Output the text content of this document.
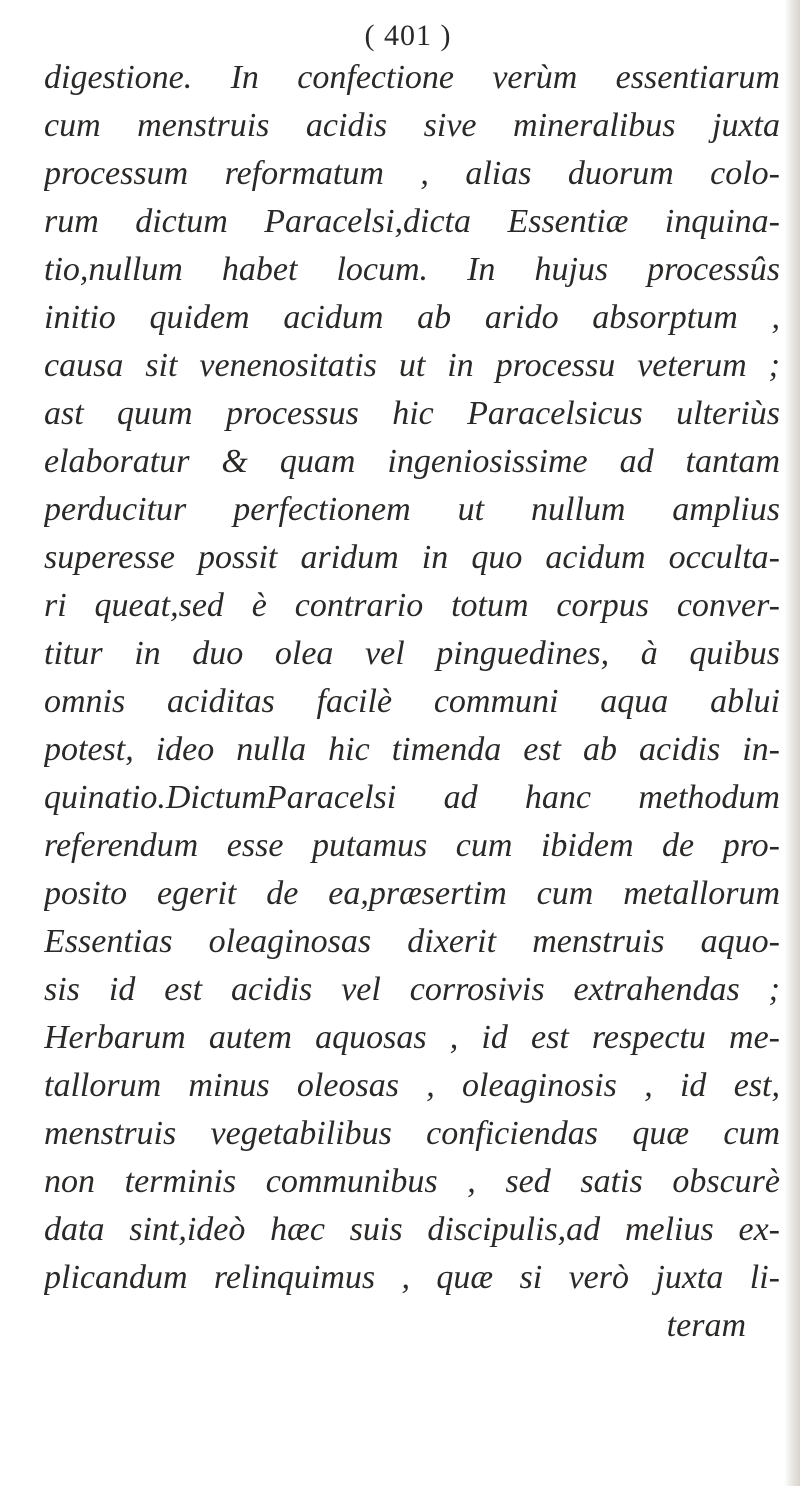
( 401 )
digestione. In confectione verùm essentiarum
cum menstruis acidis sive mineralibus juxta
processum reformatum , alias duorum colo-
rum dictum Paracelsi,dicta Essentiæ inquina-
tio,nullum habet locum. In hujus processûs
initio quidem acidum ab arido absorptum ,
causa sit venenositatis ut in processu veterum ;
ast quum processus hic Paracelsicus ulteriùs
elaboratur & quam ingeniosissime ad tantam
perducitur perfectionem ut nullum amplius
superesse possit aridum in quo acidum occulta-
ri queat,sed è contrario totum corpus conver-
titur in duo olea vel pinguedines, à quibus
omnis aciditas facilè communi aqua ablui
potest, ideo nulla hic timenda est ab acidis in-
quinatio.DictumParacelsi ad hanc methodum
referendum esse putamus cum ibidem de pro-
posito egerit de ea,præsertim cum metallorum
Essentias oleaginosas dixerit menstruis aquo-
sis id est acidis vel corrosivis extrahendas ;
Herbarum autem aquosas , id est respectu me-
tallorum minus oleosas , oleaginosis , id est,
menstruis vegetabilibus conficiendas quæ cum
non terminis communibus , sed satis obscurè
data sint,ideò hæc suis discipulis,ad melius ex-
plicandum relinquimus , quæ si verò juxta li-
teram
